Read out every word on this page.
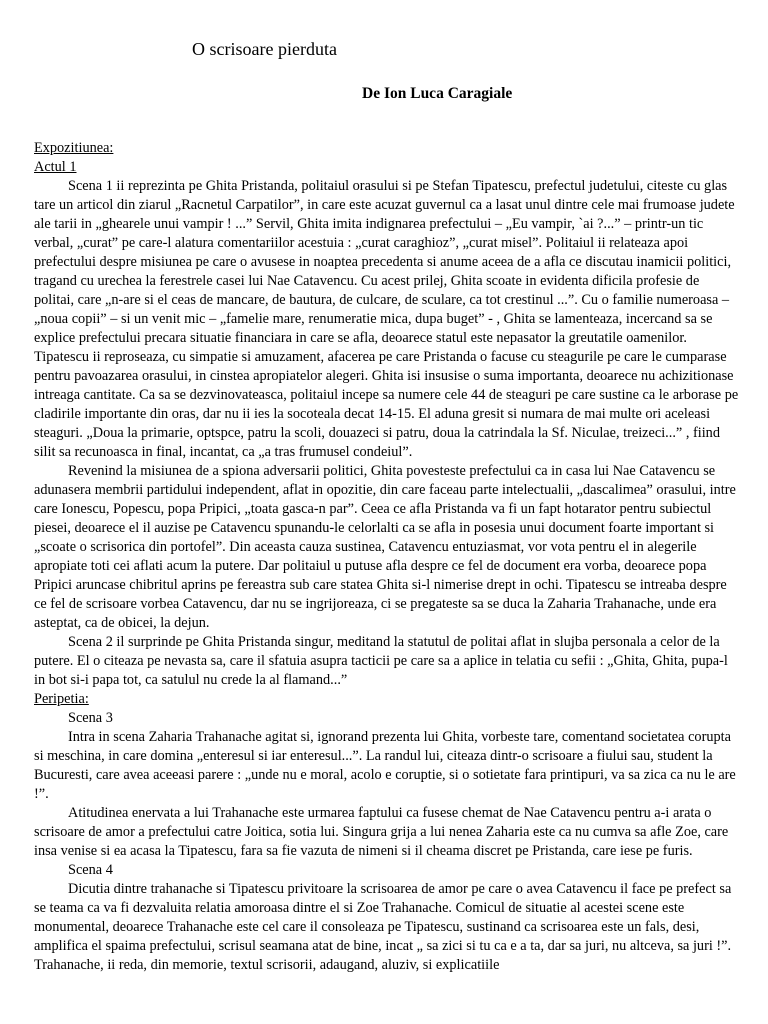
O scrisoare pierduta
De Ion Luca Caragiale

Expozitiunea:

Actul 1

Scena 1 ii reprezinta pe Ghita Pristanda, politaiul orasului si pe Stefan Tipatescu, prefectul judetului, citeste cu glas tare un articol din ziarul „Racnetul Carpatilor”, in care este acuzat guvernul ca a lasat unul dintre cele mai frumoase judete ale tarii in „ghearele unui vampir ! ...” Servil, Ghita imita indignarea prefectului – „Eu vampir, `ai ?...” – printr-un tic verbal, „curat” pe care-l alatura comentariilor acestuia : „curat caraghioz”, „curat misel”. Politaiul ii relateaza apoi prefectului despre misiunea pe care o avusese in noaptea precedenta si anume aceea de a afla ce discutau inamicii politici, tragand cu urechea la ferestrele casei lui Nae Catavencu. Cu acest prilej, Ghita scoate in evidenta dificila profesie de politai, care „n-are si el ceas de mancare, de bautura, de culcare, de sculare, ca tot crestinul ...”. Cu o familie numeroasa – „noua copii” – si un venit mic – „famelie mare, renumeratie mica, dupa buget” - , Ghita se lamenteaza, incercand sa se explice prefectului precara situatie financiara in care se afla, deoarece statul este nepasator la greutatile oamenilor. Tipatescu ii reproseaza, cu simpatie si amuzament, afacerea pe care Pristanda o facuse cu steagurile pe care le cumparase pentru pavoazarea orasului, in cinstea apropiatelor alegeri. Ghita isi insusise o suma importanta, deoarece nu achizitionase intreaga cantitate. Ca sa se dezvinovateasca, politaiul incepe sa numere cele 44 de steaguri pe care sustine ca le arborase pe cladirile importante din oras, dar nu ii ies la socoteala decat 14-15. El aduna gresit si numara de mai multe ori aceleasi steaguri. „Doua la primarie, optspce, patru la scoli, douazeci si patru, doua la catrindala la Sf. Niculae, treizeci...” , fiind silit sa recunoasca in final, incantat, ca „a tras frumusel condeiul”.

Revenind la misiunea de a spiona adversarii politici, Ghita povesteste prefectului ca in casa lui Nae Catavencu se adunasera membrii partidului independent, aflat in opozitie, din care faceau parte intelectualii, „dascalimea” orasului, intre care Ionescu, Popescu, popa Pripici, „toata gasca-n par”. Ceea ce afla Pristanda va fi un fapt hotarator pentru subiectul piesei, deoarece el il auzise pe Catavencu spunandu-le celorlalti ca se afla in posesia unui document foarte important si „scoate o scrisorica din portofel”. Din aceasta cauza sustinea, Catavencu entuziasmat, vor vota pentru el in alegerile apropiate toti cei aflati acum la putere. Dar politaiul u putuse afla despre ce fel de document era vorba, deoarece popa Pripici aruncase chibritul aprins pe fereastra sub care statea Ghita si-l nimerise drept in ochi. Tipatescu se intreaba despre ce fel de scrisoare vorbea Catavencu, dar nu se ingrijoreaza, ci se pregateste sa se duca la Zaharia Trahanache, unde era asteptat, ca de obicei, la dejun.

Scena 2 il surprinde pe Ghita Pristanda singur, meditand la statutul de politai aflat in slujba personala a celor de la putere. El o citeaza pe nevasta sa, care il sfatuia asupra tacticii pe care sa a aplice in telatia cu sefii : „Ghita, Ghita, pupa-l in bot si-i papa tot, ca satulul nu crede la al flamand...”

Peripetia:

Scena 3

Intra in scena Zaharia Trahanache agitat si, ignorand prezenta lui Ghita, vorbeste tare, comentand societatea corupta si meschina, in care domina „enteresul si iar enteresul...”. La randul lui, citeaza dintr-o scrisoare a fiului sau, student la Bucuresti, care avea aceeasi parere : „unde nu e moral, acolo e coruptie, si o sotietate fara printipuri, va sa zica ca nu le are !”.

Atitudinea enervata a lui Trahanache este urmarea faptului ca fusese chemat de Nae Catavencu pentru a-i arata o scrisoare de amor a prefectului catre Joitica, sotia lui. Singura grija a lui nenea Zaharia este ca nu cumva sa afle Zoe, care insa venise si ea acasa la Tipatescu, fara sa fie vazuta de nimeni si il cheama discret pe Pristanda, care iese pe furis.

Scena 4

Dicutia dintre trahanache si Tipatescu privitoare la scrisoarea de amor pe care o avea Catavencu il face pe prefect sa se teama ca va fi dezvaluita relatia amoroasa dintre el si Zoe Trahanache. Comicul de situatie al acestei scene este monumental, deoarece Trahanache este cel care il consoleaza pe Tipatescu, sustinand ca scrisoarea este un fals, desi, amplifica el spaima prefectului, scrisul seamana atat de bine, incat „ sa zici si tu ca e a ta, dar sa juri, nu altceva, sa juri !”. Trahanache, ii reda, din memorie, textul scrisorii, adaugand, aluziv, si explicatiile
